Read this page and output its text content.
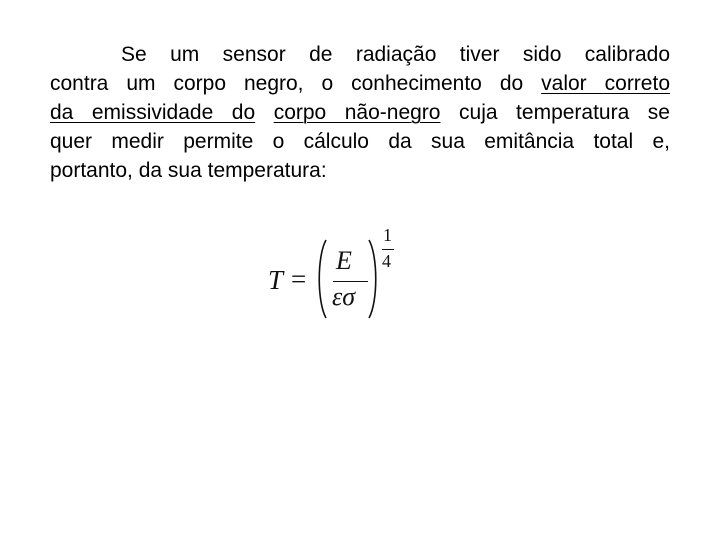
Se um sensor de radiação tiver sido calibrado
contra um corpo negro, o conhecimento do valor correto
da emissividade do corpo não-negro cuja temperatura se
quer medir permite o cálculo da sua emitância total e,
portanto, da sua temperatura:
T =
E
εσ
1
4
